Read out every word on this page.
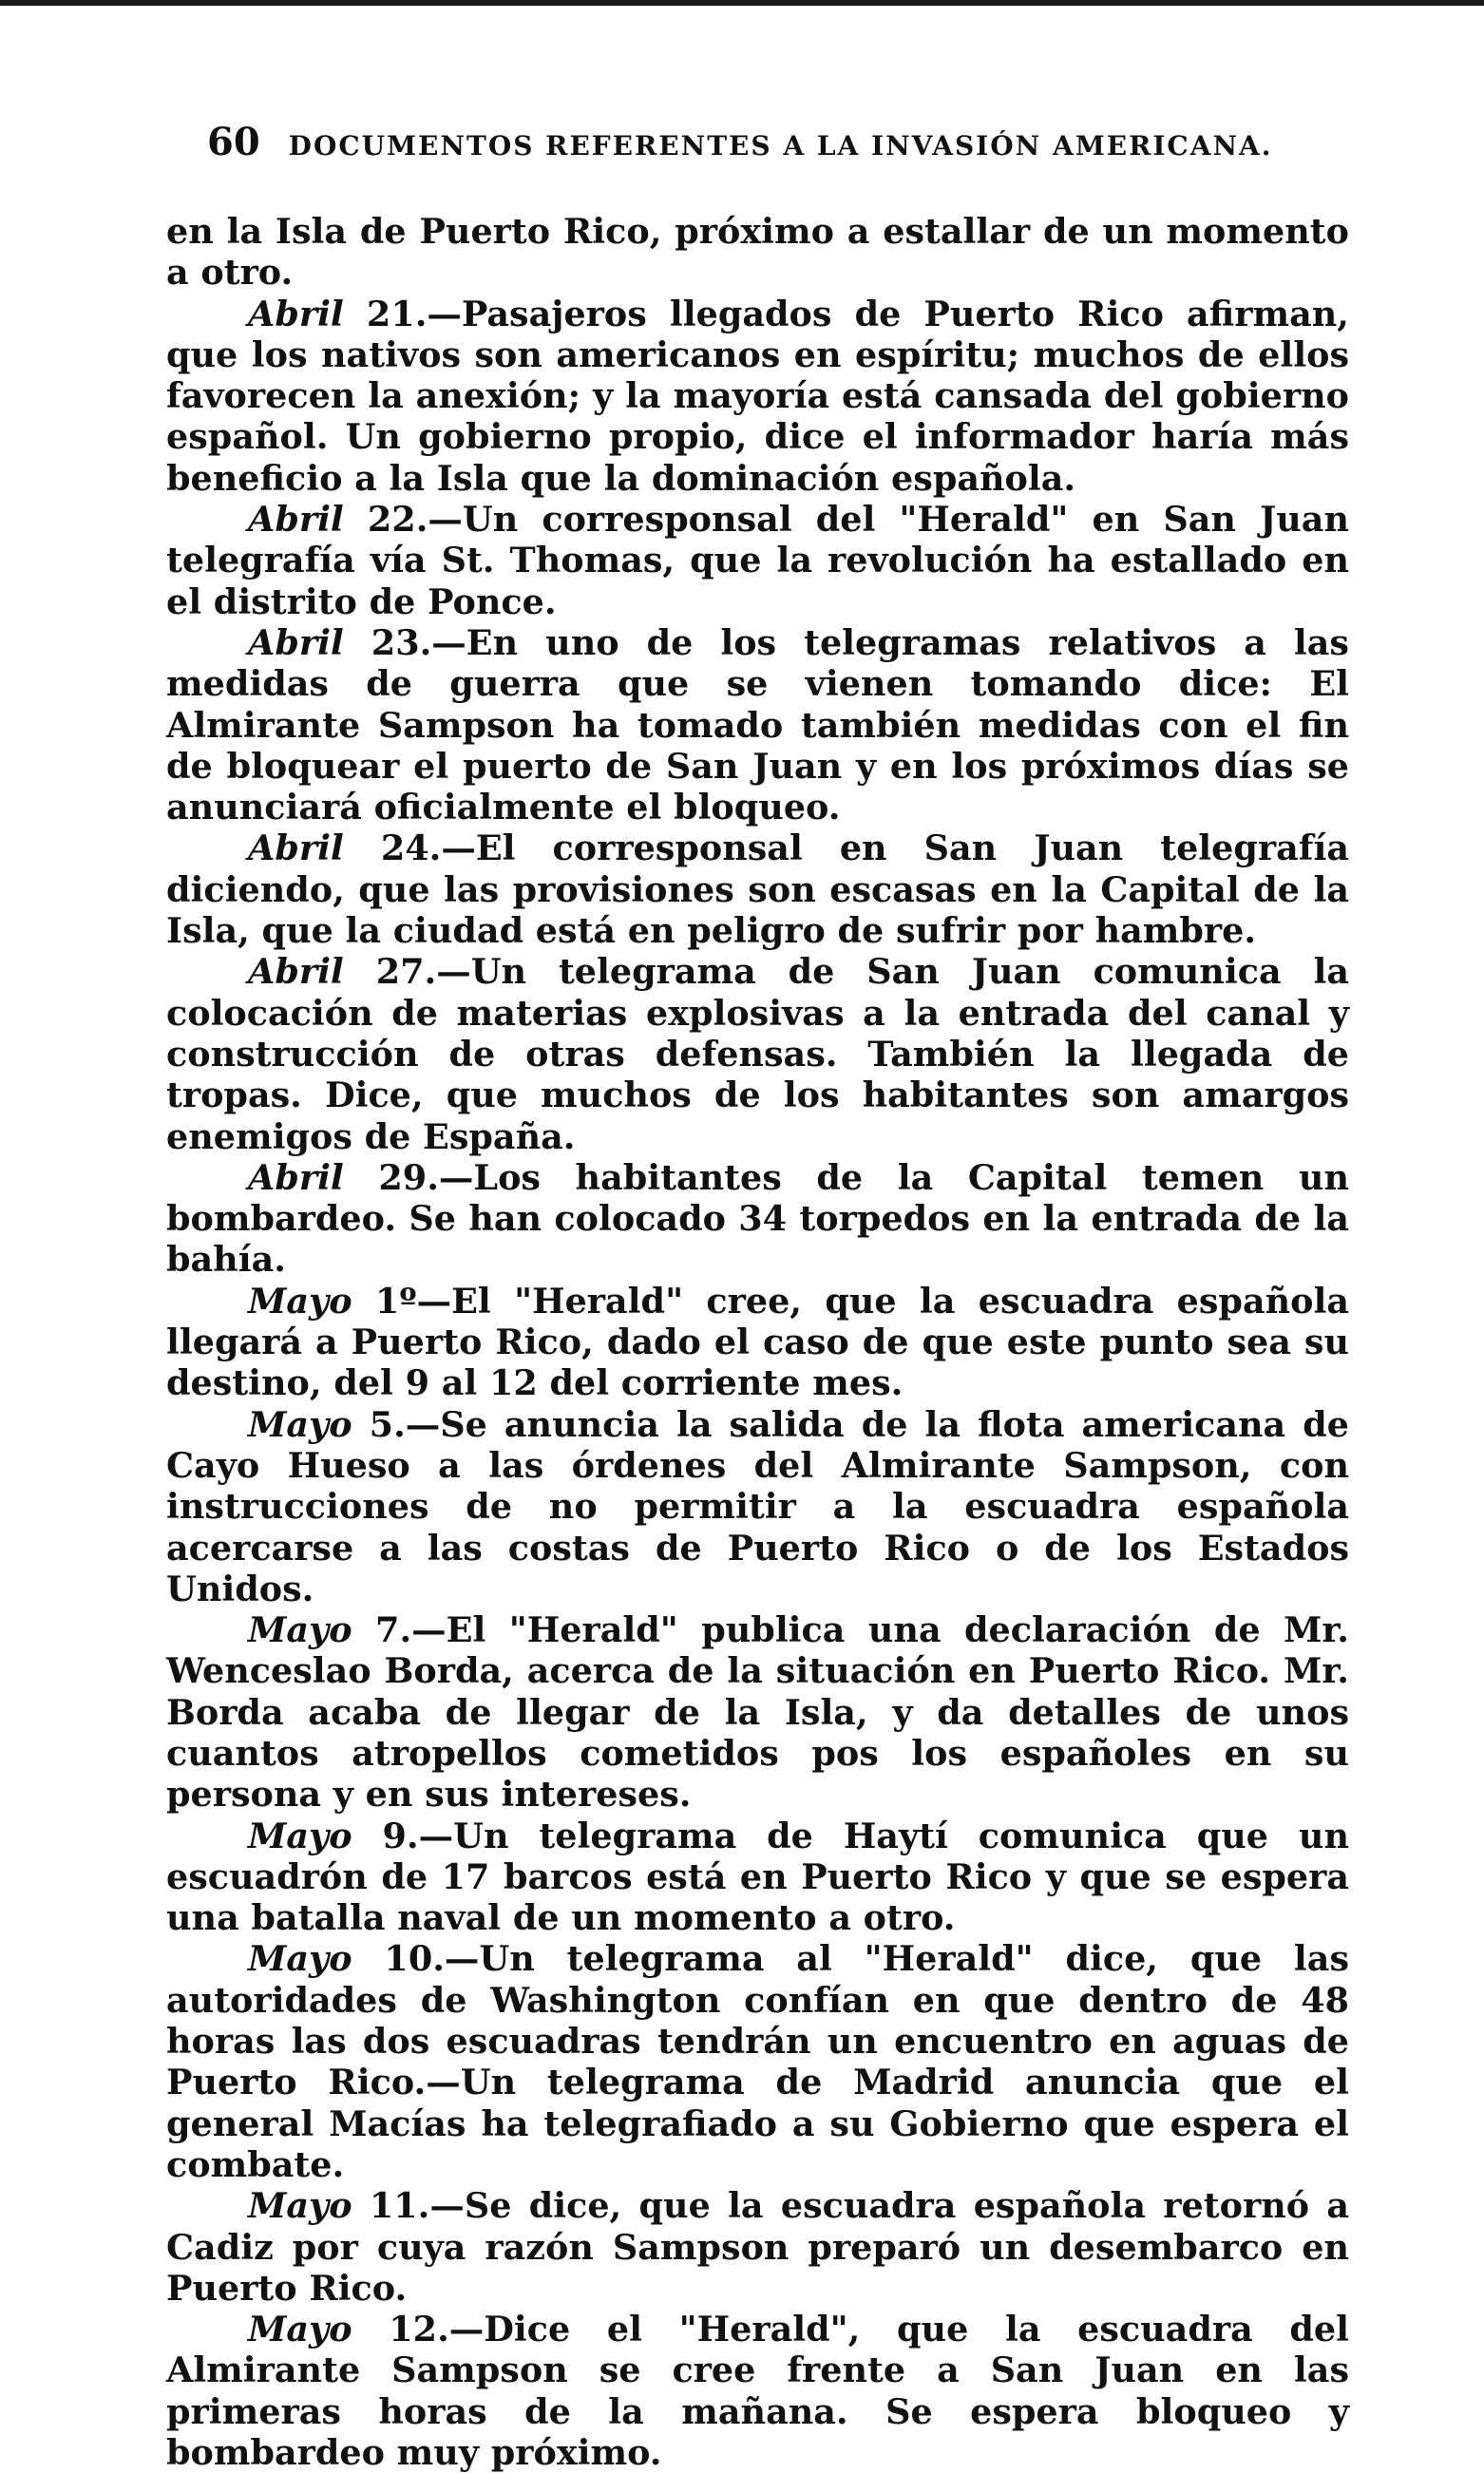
60 DOCUMENTOS REFERENTES A LA INVASIÓN AMERICANA.

en la Isla de Puerto Rico, próximo a estallar de un momento a otro.

Abril 21.—Pasajeros llegados de Puerto Rico afirman, que los nativos son americanos en espíritu; muchos de ellos favorecen la anexión; y la mayoría está cansada del gobierno español. Un gobierno propio, dice el informador haría más beneficio a la Isla que la dominación española.

Abril 22.—Un corresponsal del "Herald" en San Juan telegrafía vía St. Thomas, que la revolución ha estallado en el distrito de Ponce.

Abril 23.—En uno de los telegramas relativos a las medidas de guerra que se vienen tomando dice: El Almirante Sampson ha tomado también medidas con el fin de bloquear el puerto de San Juan y en los próximos días se anunciará oficialmente el bloqueo.

Abril 24.—El corresponsal en San Juan telegrafía diciendo, que las provisiones son escasas en la Capital de la Isla, que la ciudad está en peligro de sufrir por hambre.

Abril 27.—Un telegrama de San Juan comunica la colocación de materias explosivas a la entrada del canal y construcción de otras defensas. También la llegada de tropas. Dice, que muchos de los habitantes son amargos enemigos de España.

Abril 29.—Los habitantes de la Capital temen un bombardeo. Se han colocado 34 torpedos en la entrada de la bahía.

Mayo 1º—El "Herald" cree, que la escuadra española llegará a Puerto Rico, dado el caso de que este punto sea su destino, del 9 al 12 del corriente mes.

Mayo 5.—Se anuncia la salida de la flota americana de Cayo Hueso a las órdenes del Almirante Sampson, con instrucciones de no permitir a la escuadra española acercarse a las costas de Puerto Rico o de los Estados Unidos.

Mayo 7.—El "Herald" publica una declaración de Mr. Wenceslao Borda, acerca de la situación en Puerto Rico. Mr. Borda acaba de llegar de la Isla, y da detalles de unos cuantos atropellos cometidos pos los españoles en su persona y en sus intereses.

Mayo 9.—Un telegrama de Haytí comunica que un escuadrón de 17 barcos está en Puerto Rico y que se espera una batalla naval de un momento a otro.

Mayo 10.—Un telegrama al "Herald" dice, que las autoridades de Washington confían en que dentro de 48 horas las dos escuadras tendrán un encuentro en aguas de Puerto Rico.—Un telegrama de Madrid anuncia que el general Macías ha telegrafiado a su Gobierno que espera el combate.

Mayo 11.—Se dice, que la escuadra española retornó a Cadiz por cuya razón Sampson preparó un desembarco en Puerto Rico.

Mayo 12.—Dice el "Herald", que la escuadra del Almirante Sampson se cree frente a San Juan en las primeras horas de la mañana. Se espera bloqueo y bombardeo muy próximo.
